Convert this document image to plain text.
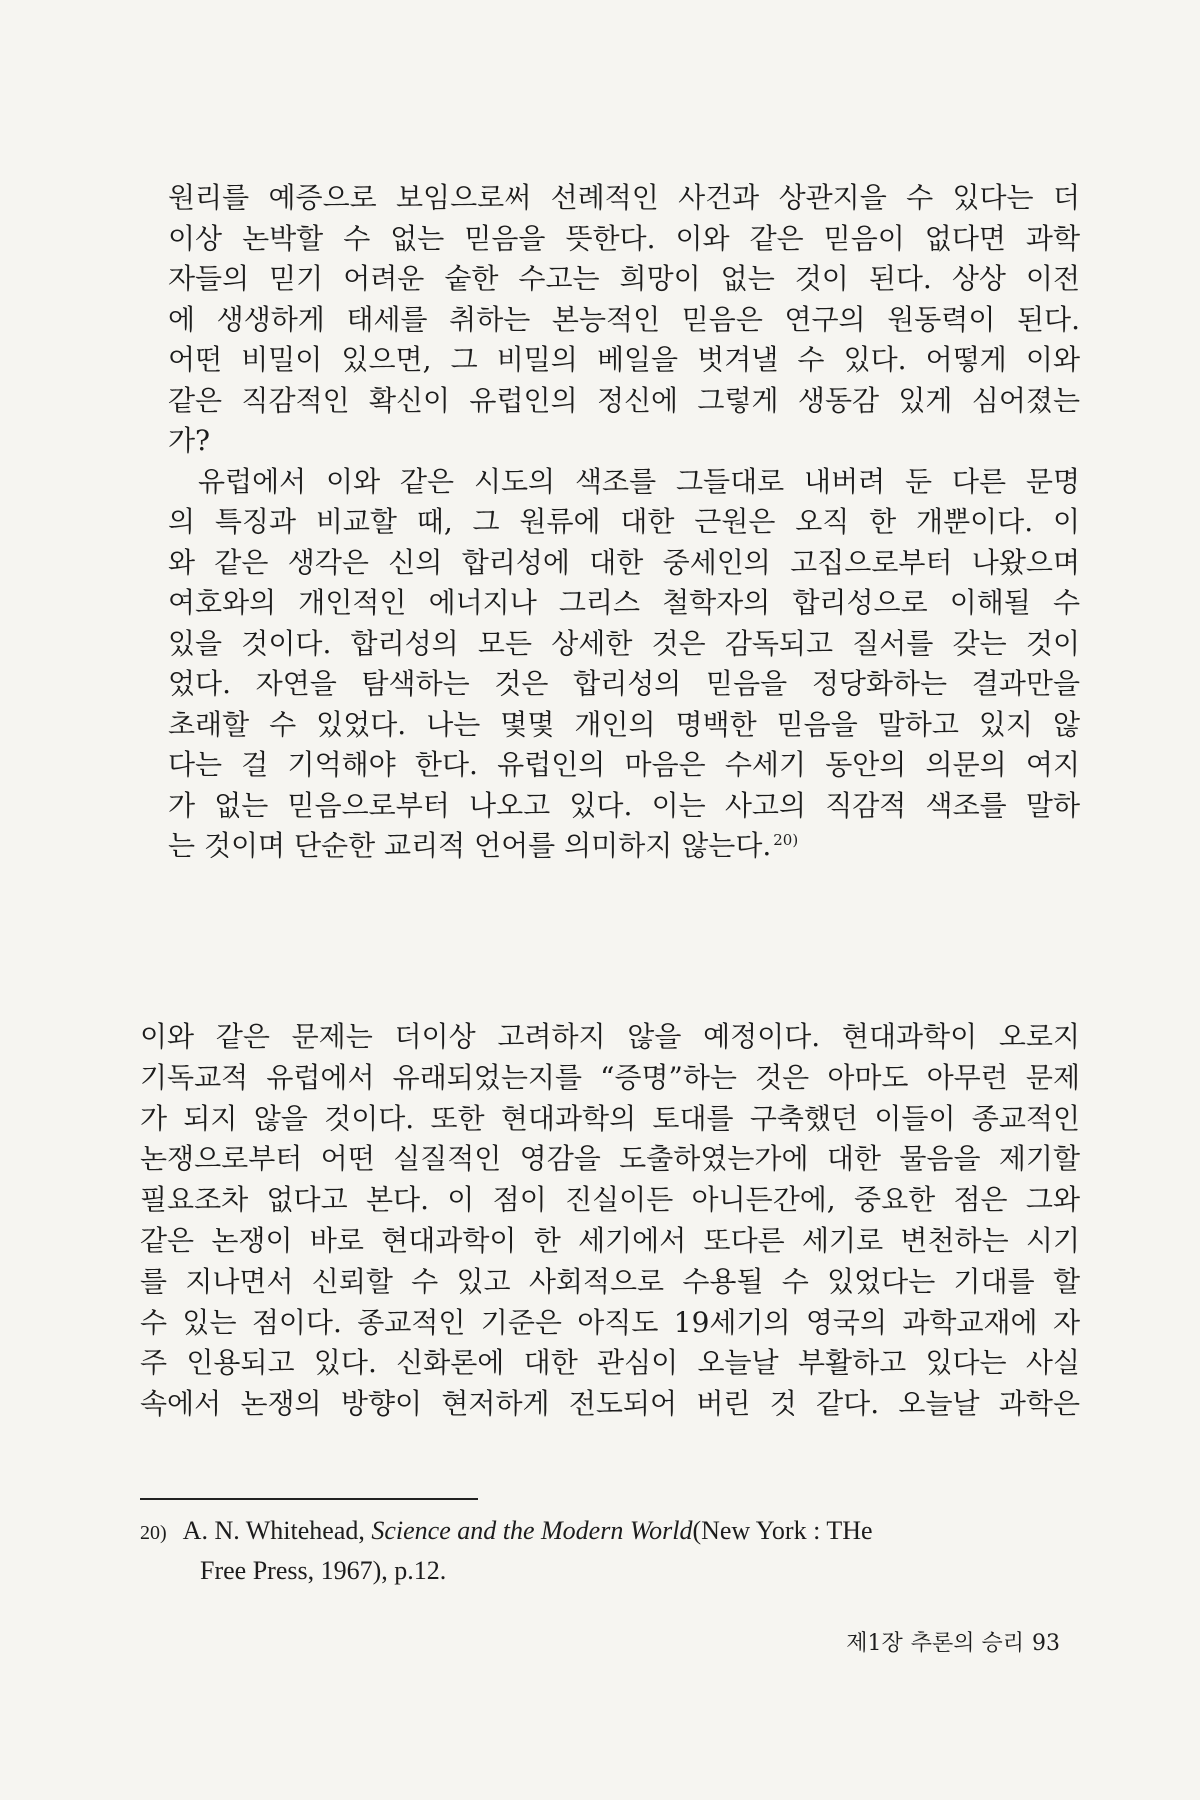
원리를 예증으로 보임으로써 선례적인 사건과 상관지을 수 있다는 더
이상 논박할 수 없는 믿음을 뜻한다. 이와 같은 믿음이 없다면 과학
자들의 믿기 어려운 숱한 수고는 희망이 없는 것이 된다. 상상 이전
에 생생하게 태세를 취하는 본능적인 믿음은 연구의 원동력이 된다.
어떤 비밀이 있으면, 그 비밀의 베일을 벗겨낼 수 있다. 어떻게 이와
같은 직감적인 확신이 유럽인의 정신에 그렇게 생동감 있게 심어졌는
가?
유럽에서 이와 같은 시도의 색조를 그들대로 내버려 둔 다른 문명
의 특징과 비교할 때, 그 원류에 대한 근원은 오직 한 개뿐이다. 이
와 같은 생각은 신의 합리성에 대한 중세인의 고집으로부터 나왔으며
여호와의 개인적인 에너지나 그리스 철학자의 합리성으로 이해될 수
있을 것이다. 합리성의 모든 상세한 것은 감독되고 질서를 갖는 것이
었다. 자연을 탐색하는 것은 합리성의 믿음을 정당화하는 결과만을
초래할 수 있었다. 나는 몇몇 개인의 명백한 믿음을 말하고 있지 않
다는 걸 기억해야 한다. 유럽인의 마음은 수세기 동안의 의문의 여지
가 없는 믿음으로부터 나오고 있다. 이는 사고의 직감적 색조를 말하
는 것이며 단순한 교리적 언어를 의미하지 않는다. $^{20)}$
이와 같은 문제는 더이상 고려하지 않을 예정이다. 현대과학이 오로지
기독교적 유럽에서 유래되었는지를 “증명”하는 것은 아마도 아무런 문제
가 되지 않을 것이다. 또한 현대과학의 토대를 구축했던 이들이 종교적인
논쟁으로부터 어떤 실질적인 영감을 도출하였는가에 대한 물음을 제기할
필요조차 없다고 본다. 이 점이 진실이든 아니든간에, 중요한 점은 그와
같은 논쟁이 바로 현대과학이 한 세기에서 또다른 세기로 변천하는 시기
를 지나면서 신뢰할 수 있고 사회적으로 수용될 수 있었다는 기대를 할
수 있는 점이다. 종교적인 기준은 아직도 19세기의 영국의 과학교재에 자
주 인용되고 있다. 신화론에 대한 관심이 오늘날 부활하고 있다는 사실
속에서 논쟁의 방향이 현저하게 전도되어 버린 것 같다. 오늘날 과학은
20) A. N. Whitehead, Science and the Modern World(New York : THe
Free Press, 1967), p.12.
제1장 추론의 승리 93
